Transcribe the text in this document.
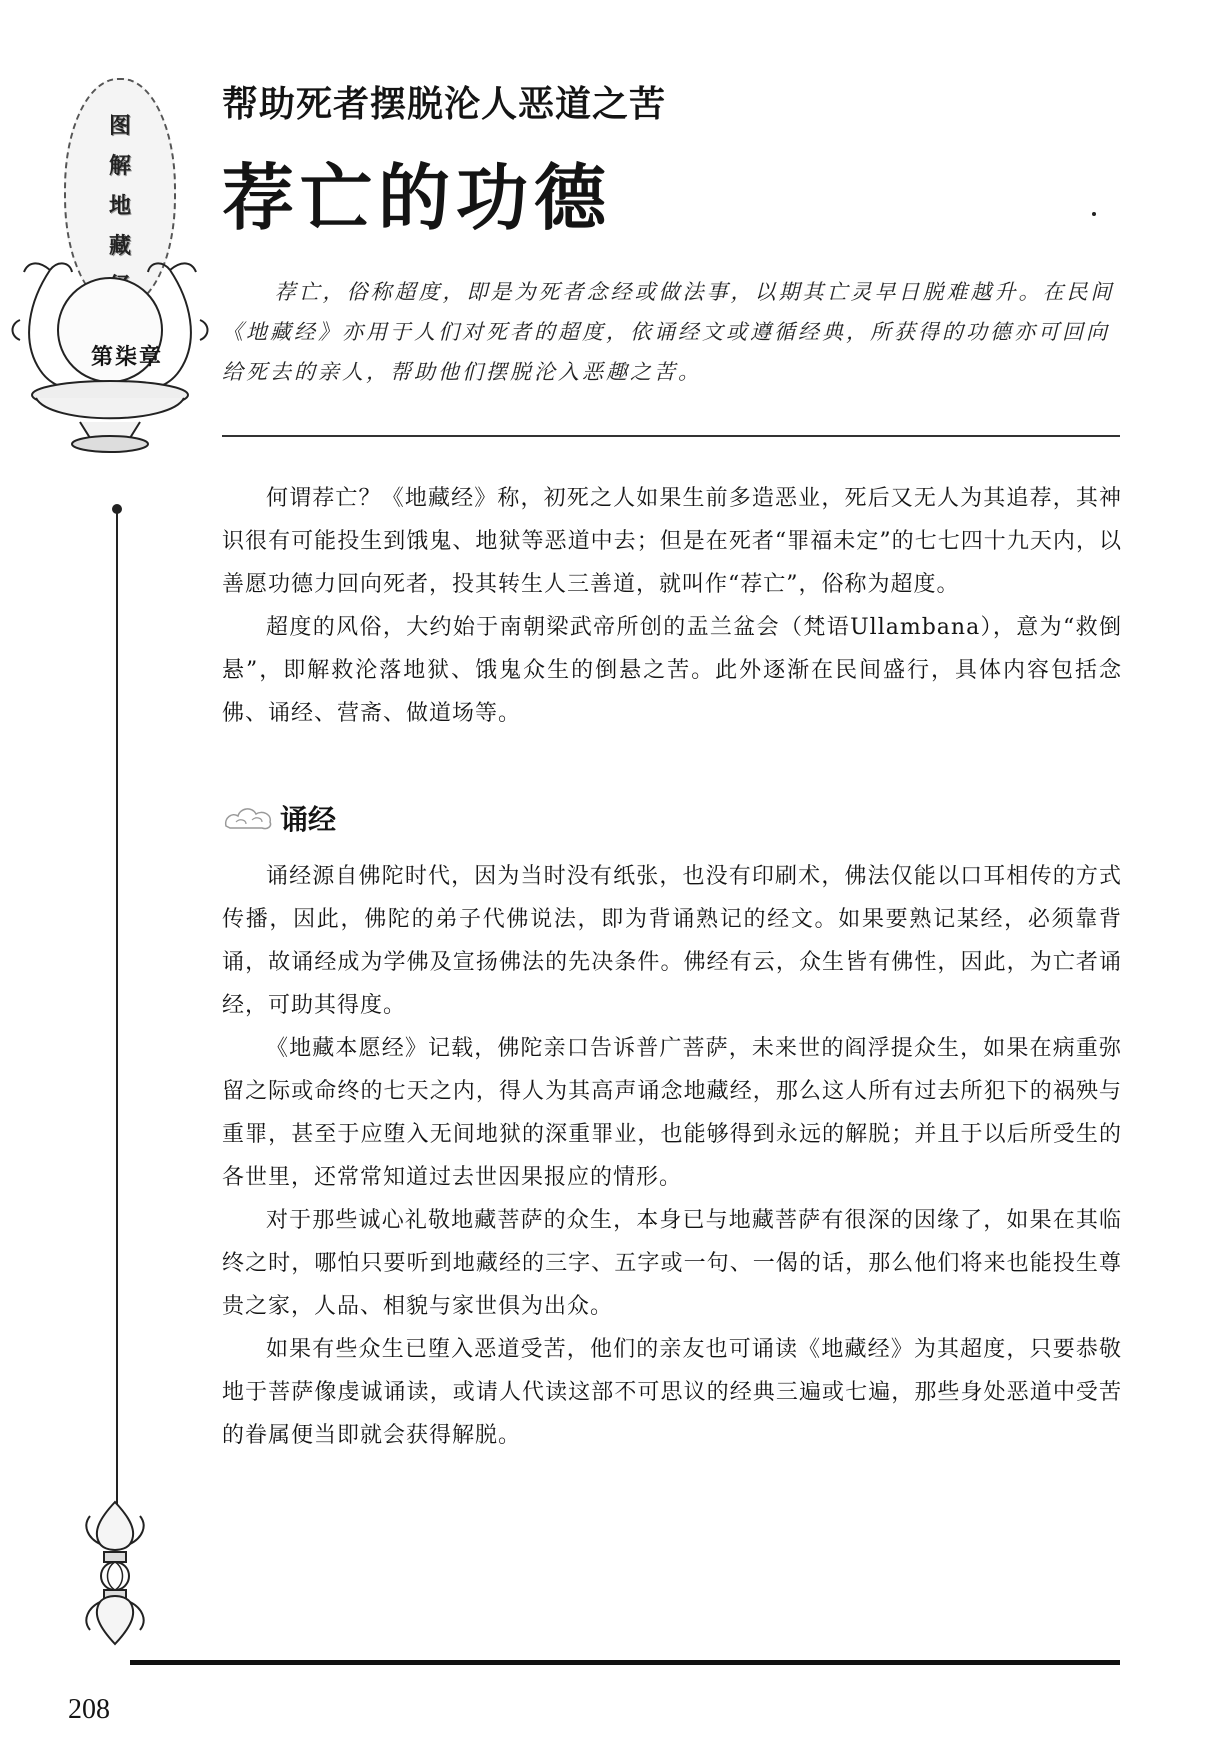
图
解
地
藏
第柒章
帮助死者摆脱沦人恶道之苦
荐亡的功德

荐亡，俗称超度，即是为死者念经或做法事，以期其亡灵早日脱难越升。在民间《地藏经》亦用于人们对死者的超度，依诵经文或遵循经典，所获得的功德亦可回向给死去的亲人，帮助他们摆脱沦入恶趣之苦。

何谓荐亡？《地藏经》称，初死之人如果生前多造恶业，死后又无人为其追荐，其神识很有可能投生到饿鬼、地狱等恶道中去；但是在死者“罪福未定”的七七四十九天内，以善愿功德力回向死者，投其转生人三善道，就叫作“荐亡”，俗称为超度。

超度的风俗，大约始于南朝梁武帝所创的盂兰盆会（梵语Ullambana），意为“救倒悬”，即解救沦落地狱、饿鬼众生的倒悬之苦。此外逐渐在民间盛行，具体内容包括念佛、诵经、营斋、做道场等。

诵经

诵经源自佛陀时代，因为当时没有纸张，也没有印刷术，佛法仅能以口耳相传的方式传播，因此，佛陀的弟子代佛说法，即为背诵熟记的经文。如果要熟记某经，必须靠背诵，故诵经成为学佛及宣扬佛法的先决条件。佛经有云，众生皆有佛性，因此，为亡者诵经，可助其得度。

《地藏本愿经》记载，佛陀亲口告诉普广菩萨，未来世的阎浮提众生，如果在病重弥留之际或命终的七天之内，得人为其高声诵念地藏经，那么这人所有过去所犯下的祸殃与重罪，甚至于应堕入无间地狱的深重罪业，也能够得到永远的解脱；并且于以后所受生的各世里，还常常知道过去世因果报应的情形。

对于那些诚心礼敬地藏菩萨的众生，本身已与地藏菩萨有很深的因缘了，如果在其临终之时，哪怕只要听到地藏经的三字、五字或一句、一偈的话，那么他们将来也能投生尊贵之家，人品、相貌与家世俱为出众。

如果有些众生已堕入恶道受苦，他们的亲友也可诵读《地藏经》为其超度，只要恭敬地于菩萨像虔诚诵读，或请人代读这部不可思议的经典三遍或七遍，那些身处恶道中受苦的眷属便当即就会获得解脱。

208
